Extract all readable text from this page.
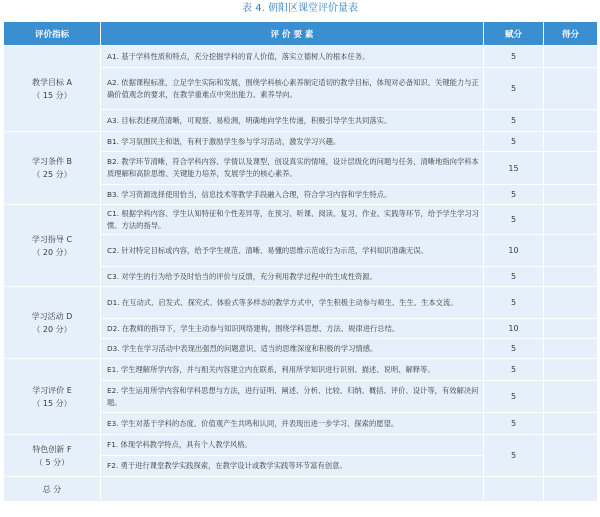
表 4. 朝阳区课堂评价量表
评价指标	评 价 要 素	赋分	得分

教学目标 A
（ 15 分）	A1. 基于学科性质和特点，充分挖掘学科的育人价值，落实立德树人的根本任务。	5	
	A2. 依据课程标准，立足学生实际和发展，围绕学科核心素养制定适切的教学目标，体现对必备知识、关键能力与正确价值观念的要求，在教学重难点中突出能力、素养导向。	5	
	A3. 目标表述规范清晰，可观察、易检测，明确地向学生传递，积极引导学生共同落实。	5	

学习条件 B
（ 25 分）	B1. 学习氛围民主和谐，有利于激励学生参与学习活动，激发学习兴趣。	5	
	B2. 教学环节清晰，符合学科内容、学情以及课型，创设真实的情境，设计层级化的问题与任务，清晰地指向学科本质理解和高阶思维、关键能力培养，发展学生的核心素养。	15	
	B3. 学习资源选择使用恰当，信息技术等教学手段融入合理，符合学习内容和学生特点。	5	

学习指导 C
（ 20 分）	C1. 根据学科内容、学生认知特征和个性差异等，在预习、听课、阅读、复习、作业、实践等环节，给予学生学习习惯、方法的指导。	5	
	C2. 针对特定目标或内容，给予学生规范、清晰、易懂的思维示范或行为示范，学科知识准确无误。	10	
	C3. 对学生的行为给予及时恰当的评价与反馈，充分利用教学过程中的生成性资源。	5	

学习活动 D
（ 20 分）	D1. 在互动式、启发式、探究式、体验式等多样态的教学方式中，学生积极主动参与师生、生生、生本交流。	5	
	D2. 在教师的指导下，学生主动参与知识网络建构，围绕学科思想、方法、规律进行总结。	10	
	D3. 学生在学习活动中表现出强烈的问题意识、适当的思维深度和积极的学习情感。	5	

学习评价 E
（ 15 分）	E1. 学生理解所学内容，并与相关内容建立内在联系，利用所学知识进行识别、描述、说明、解释等。	5	
	E2. 学生运用所学内容和学科思想与方法，进行证明、阐述、分析、比较、归纳、概括、评价、设计等，有效解决问题。	5	
	E3. 学生对基于学科的态度、价值观产生共鸣和认同，并表现出进一步学习、探索的愿望。	5	

特色创新 F
（ 5 分）	F1. 体现学科教学特点，具有个人教学风格。	5	
	F2. 勇于进行课堂教学实践探索，在教学设计或教学实践等环节富有创意。		
总 分			
